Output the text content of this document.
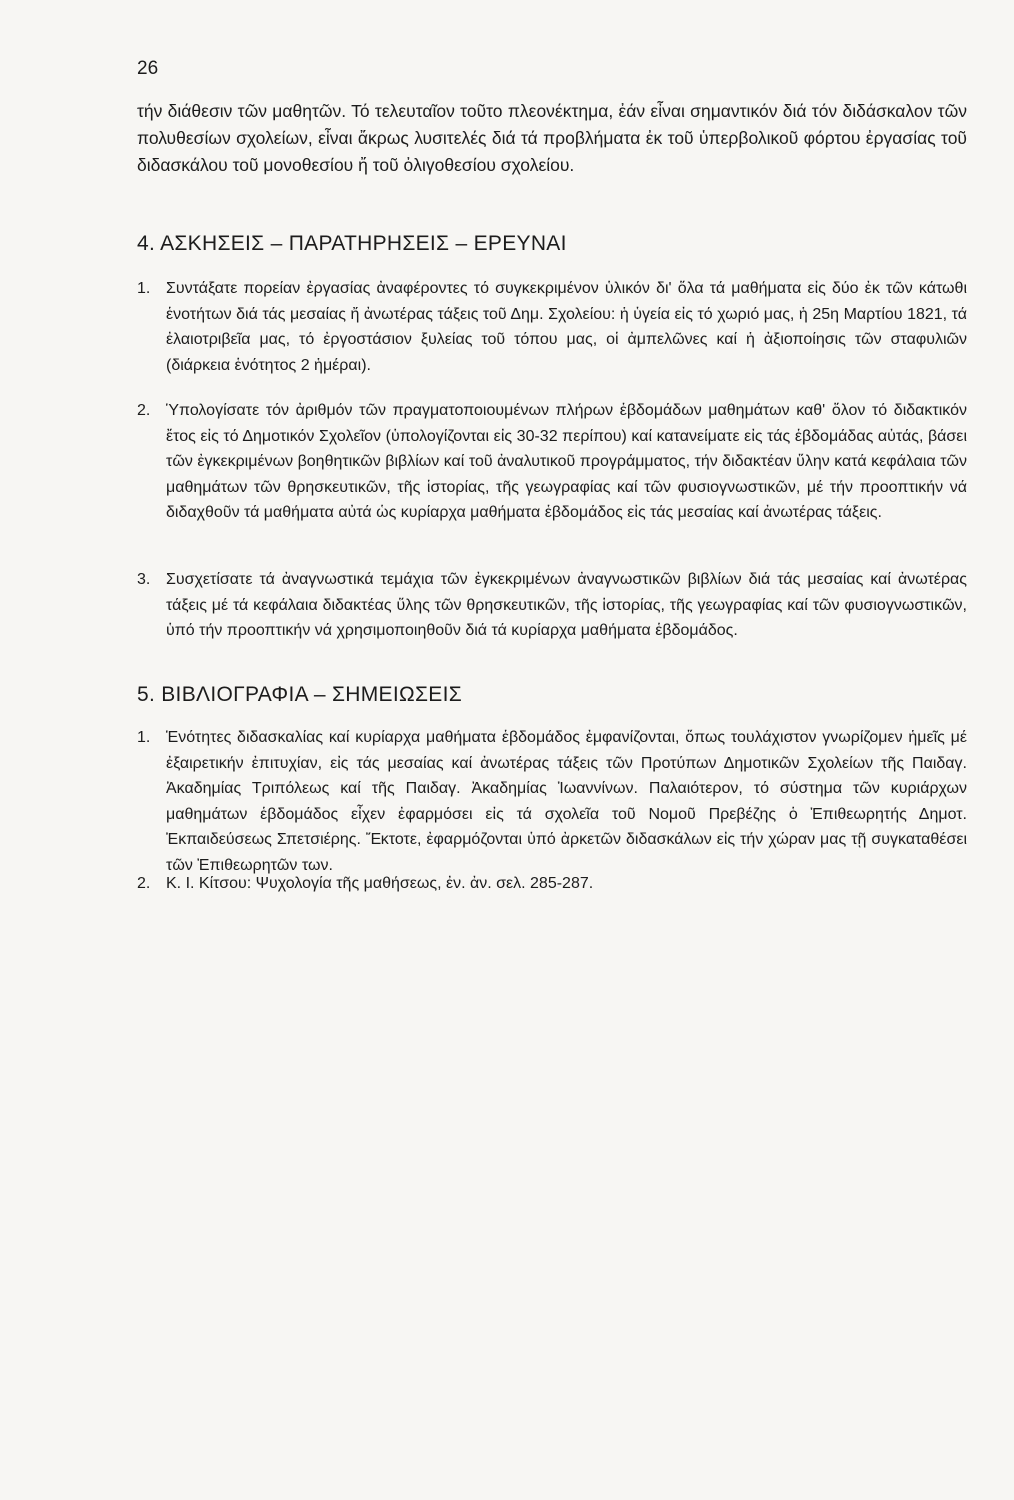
26

τήν διάθεσιν τῶν μαθητῶν. Τό τελευταῖον τοῦτο πλεονέκτημα, ἐάν εἶναι σημαντικόν διά τόν διδάσκαλον τῶν πολυθεσίων σχολείων, εἶναι ἄκρως λυσιτελές διά τά προβλήματα ἐκ τοῦ ὑπερβολικοῦ φόρτου ἐργασίας τοῦ διδασκάλου τοῦ μονοθεσίου ἤ τοῦ ὀλιγοθεσίου σχολείου.

4. ΑΣΚΗΣΕΙΣ – ΠΑΡΑΤΗΡΗΣΕΙΣ – ΕΡΕΥΝΑΙ
1. Συντάξατε πορείαν ἐργασίας ἀναφέροντες τό συγκεκριμένον ὑλικόν δι' ὅλα τά μαθήματα εἰς δύο ἐκ τῶν κάτωθι ἑνοτήτων διά τάς μεσαίας ἤ ἀνωτέρας τάξεις τοῦ Δημ. Σχολείου: ἡ ὑγεία εἰς τό χωριό μας, ἡ 25η Μαρτίου 1821, τά ἐλαιοτριβεῖα μας, τό ἐργοστάσιον ξυλείας τοῦ τόπου μας, οἱ ἀμπελῶνες καί ἡ ἀξιοποίησις τῶν σταφυλιῶν (διάρκεια ἑνότητος 2 ἡμέραι).
2. Ὑπολογίσατε τόν ἀριθμόν τῶν πραγματοποιουμένων πλήρων ἑβδομάδων μαθημάτων καθ' ὅλον τό διδακτικόν ἔτος εἰς τό Δημοτικόν Σχολεῖον (ὑπολογίζονται εἰς 30-32 περίπου) καί κατανείματε εἰς τάς ἑβδομάδας αὐτάς, βάσει τῶν ἐγκεκριμένων βοηθητικῶν βιβλίων καί τοῦ ἀναλυτικοῦ προγράμματος, τήν διδακτέαν ὕλην κατά κεφάλαια τῶν μαθημάτων τῶν θρησκευτικῶν, τῆς ἱστορίας, τῆς γεωγραφίας καί τῶν φυσιογνωστικῶν, μέ τήν προοπτικήν νά διδαχθοῦν τά μαθήματα αὐτά ὡς κυρίαρχα μαθήματα ἑβδομάδος εἰς τάς μεσαίας καί ἀνωτέρας τάξεις.
3. Συσχετίσατε τά ἀναγνωστικά τεμάχια τῶν ἐγκεκριμένων ἀναγνωστικῶν βιβλίων διά τάς μεσαίας καί ἀνωτέρας τάξεις μέ τά κεφάλαια διδακτέας ὕλης τῶν θρησκευτικῶν, τῆς ἱστορίας, τῆς γεωγραφίας καί τῶν φυσιογνωστικῶν, ὑπό τήν προοπτικήν νά χρησιμοποιηθοῦν διά τά κυρίαρχα μαθήματα ἑβδομάδος.
5. ΒΙΒΛΙΟΓΡΑΦΙΑ – ΣΗΜΕΙΩΣΕΙΣ
1. Ἑνότητες διδασκαλίας καί κυρίαρχα μαθήματα ἑβδομάδος ἐμφανίζονται, ὅπως τουλάχιστον γνωρίζομεν ἡμεῖς μέ ἐξαιρετικήν ἐπιτυχίαν, εἰς τάς μεσαίας καί ἀνωτέρας τάξεις τῶν Προτύπων Δημοτικῶν Σχολείων τῆς Παιδαγ. Ἀκαδημίας Τριπόλεως καί τῆς Παιδαγ. Ἀκαδημίας Ἰωαννίνων. Παλαιότερον, τό σύστημα τῶν κυριάρχων μαθημάτων ἑβδομάδος εἶχεν ἐφαρμόσει εἰς τά σχολεῖα τοῦ Νομοῦ Πρεβέζης ὁ Ἐπιθεωρητής Δημοτ. Ἐκπαιδεύσεως Σπετσιέρης. Ἔκτοτε, ἐφαρμόζονται ὑπό ἀρκετῶν διδασκάλων εἰς τήν χώραν μας τῇ συγκαταθέσει τῶν Ἐπιθεωρητῶν των.
2. Κ. Ι. Κίτσου: Ψυχολογία τῆς μαθήσεως, ἐν. ἀν. σελ. 285-287.
